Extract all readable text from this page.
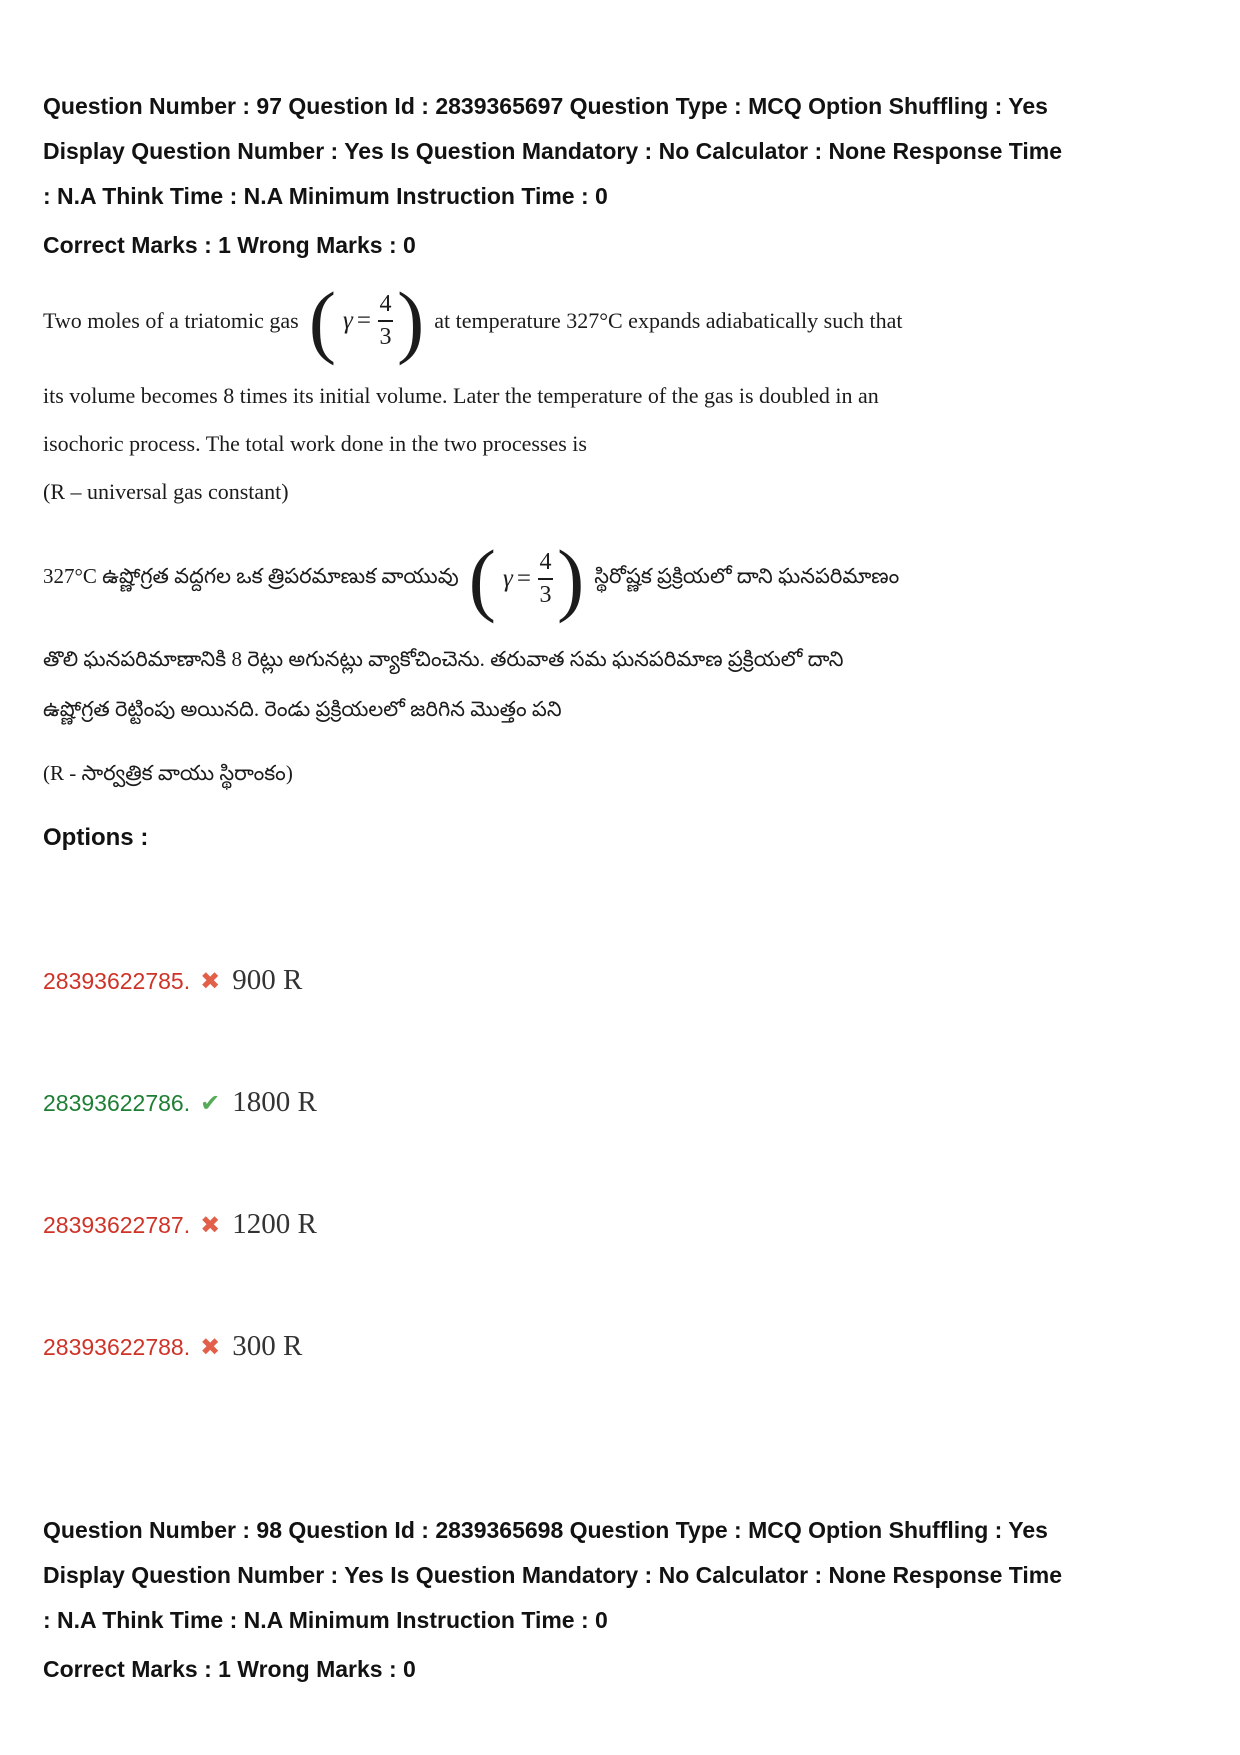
Question Number : 97 Question Id : 2839365697 Question Type : MCQ Option Shuffling : Yes
Display Question Number : Yes Is Question Mandatory : No Calculator : None Response Time
: N.A Think Time : N.A Minimum Instruction Time : 0
Correct Marks : 1 Wrong Marks : 0
Two moles of a triatomic gas ( $\gamma = \frac{4}{3}$ ) at temperature 327°C expands adiabatically such that

its volume becomes 8 times its initial volume. Later the temperature of the gas is doubled in an

isochoric process. The total work done in the two processes is

(R – universal gas constant)

327°C ఉష్ణోగ్రత వద్దగల ఒక త్రిపరమాణుక వాయువు ( $\gamma = \frac{4}{3}$ ) స్థిరోష్ణక ప్రక్రియలో దాని ఘనపరిమాణం

తొలి ఘనపరిమాణానికి 8 రెట్లు అగునట్లు వ్యాకోచించెను. తరువాత సమ ఘనపరిమాణ ప్రక్రియలో దాని

ఉష్ణోగ్రత రెట్టింపు అయినది. రెండు ప్రక్రియలలో జరిగిన మొత్తం పని

(R - సార్వత్రిక వాయు స్థిరాంకం)

Options :
28393622785. ✖ 900 R
28393622786. ✔ 1800 R
28393622787. ✖ 1200 R
28393622788. ✖ 300 R
Question Number : 98 Question Id : 2839365698 Question Type : MCQ Option Shuffling : Yes
Display Question Number : Yes Is Question Mandatory : No Calculator : None Response Time
: N.A Think Time : N.A Minimum Instruction Time : 0
Correct Marks : 1 Wrong Marks : 0
